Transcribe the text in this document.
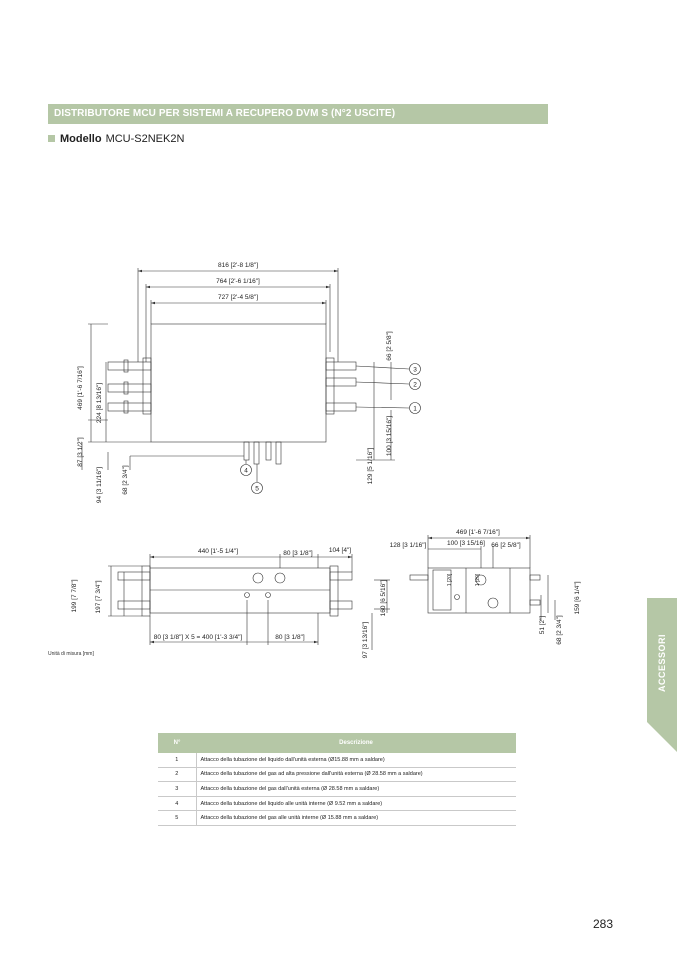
DISTRIBUTORE MCU PER SISTEMI A RECUPERO DVM S (N°2 USCITE)
Modello MCU-S2NEK2N
816 [2'-8 1/8"]
764 [2'-6 1/16"]
727 [2'-4 5/8"]
469 [1'-6 7/16"] 224 [8 13/16"]
87 [3 1/2"]
94 [3 11/16"]	68 [2 3/4"]
66 [2 5/8"]
100 [3 15/16"]
129 [5 1/16"]
3
2
1
4
5
440 [1'-5 1/4"]	80 [3 1/8"] 104 [4"]
199 [7 7/8"]	197 [7 3/4"]	160 [6 5/16"]
97 [3 13/16"]
80 [3 1/8"] X 5 = 400 [1'-3 3/4"]	80 [3 1/8"]
469 [1'-6 7/16"]
128 [3 1/16"]	100 [3 15/16] 66 [2 5/8"]
159 [6 1/4"]
51 [2"] 68 [2 3/4"]
1 [20]	1 [20]
Unità di misura [mm]	ACCESSORI
N°	Descrizione
1	Attacco della tubazione del liquido dall'unità esterna (Ø15.88 mm a saldare)
2	Attacco della tubazione del gas ad alta pressione dall'unità esterna (Ø 28.58 mm a saldare)
3	Attacco della tubazione del gas dall'unità esterna (Ø 28.58 mm a saldare)
4	Attacco della tubazione del liquido alle unità interne (Ø 9.52 mm a saldare)
5	Attacco della tubazione del gas alle unità interne (Ø 15.88 mm a saldare)
283
